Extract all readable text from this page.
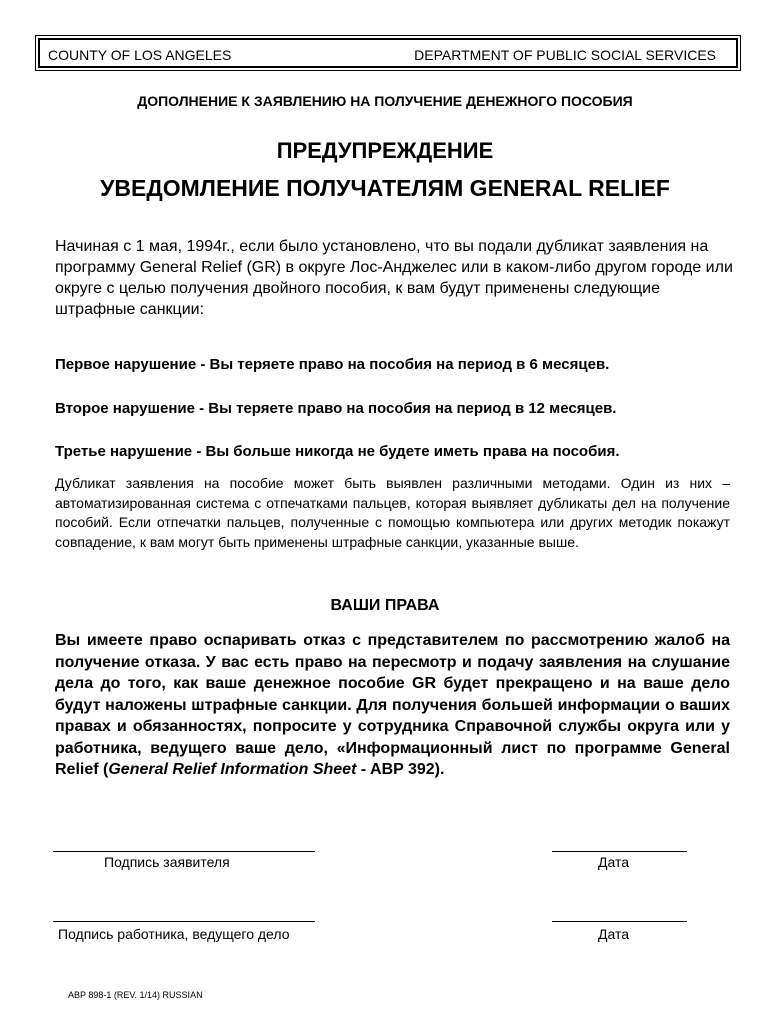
COUNTY OF LOS ANGELES	DEPARTMENT OF PUBLIC SOCIAL SERVICES
ДОПОЛНЕНИЕ К ЗАЯВЛЕНИЮ НА ПОЛУЧЕНИЕ ДЕНЕЖНОГО ПОСОБИЯ
ПРЕДУПРЕЖДЕНИЕ
УВЕДОМЛЕНИЕ ПОЛУЧАТЕЛЯМ GENERAL RELIEF
Начиная с 1 мая, 1994г., если было установлено, что вы подали дубликат заявления на программу General Relief (GR) в округе Лос-Анджелес или в каком-либо другом городе или округе с целью получения двойного пособия, к вам будут применены следующие штрафные санкции:
Первое нарушение - Вы теряете право на пособия на период в 6 месяцев.
Второе нарушение - Вы теряете право на пособия на период в 12 месяцев.
Третье нарушение - Вы больше никогда не будете иметь права на пособия.
Дубликат заявления на пособие может быть выявлен различными методами. Один из них – автоматизированная система с отпечатками пальцев, которая выявляет дубликаты дел на получение пособий. Если отпечатки пальцев, полученные с помощью компьютера или других методик покажут совпадение, к вам могут быть применены штрафные санкции, указанные выше.
ВАШИ ПРАВА
Вы имеете право оспаривать отказ с представителем по рассмотрению жалоб на получение отказа. У вас есть право на пересмотр и подачу заявления на слушание дела до того, как ваше денежное пособие GR будет прекращено и на ваше дело будут наложены штрафные санкции. Для получения большей информации о ваших правах и обязанностях, попросите у сотрудника Справочной службы округа или у работника, ведущего ваше дело, «Информационный лист по программе General Relief (General Relief Information Sheet - ABP 392).
Подпись заявителя	Дата
Подпись работника, ведущего дело	Дата
ABP 898-1 (REV. 1/14) RUSSIAN
